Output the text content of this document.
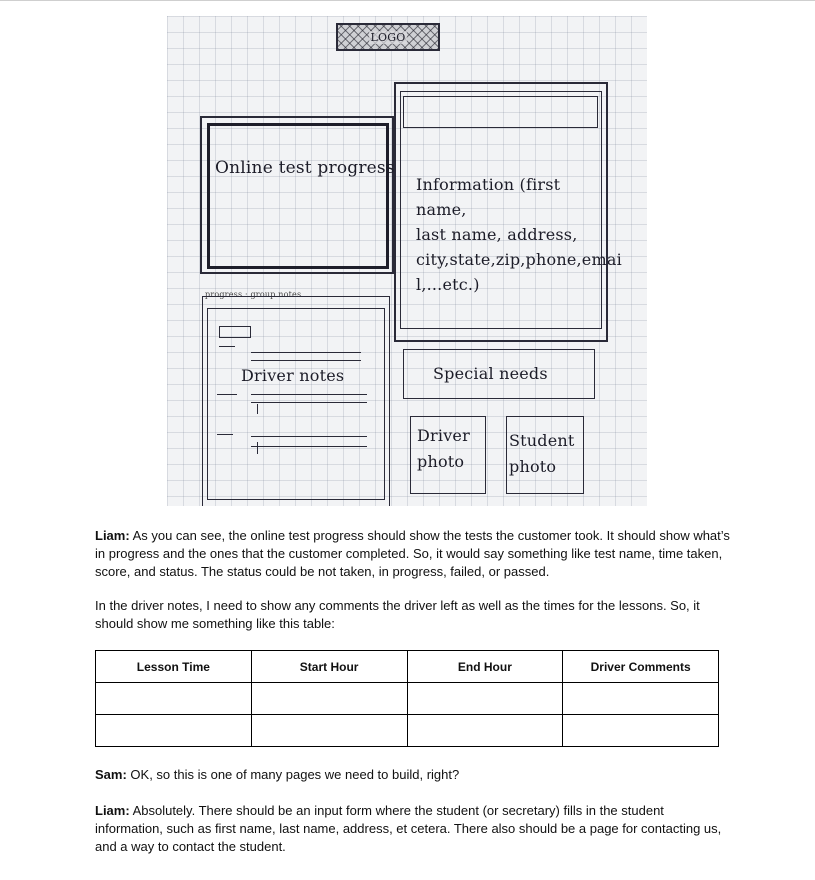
LOGO
Online test progress
Information (first name,
last name, address,
city,state,zip,phone,emai
l,...etc.)
progress · group notes
Driver notes	Special needs
Driver
photo
Student
photo
Liam: As you can see, the online test progress should show the tests the customer took. It should show what’s in progress and the ones that the customer completed. So, it would say something like test name, time taken, score, and status. The status could be not taken, in progress, failed, or passed.
In the driver notes, I need to show any comments the driver left as well as the times for the lessons. So, it should show me something like this table:
Lesson Time	Start Hour	End Hour	Driver Comments

Sam: OK, so this is one of many pages we need to build, right?
Liam: Absolutely. There should be an input form where the student (or secretary) fills in the student information, such as first name, last name, address, et cetera. There also should be a page for contacting us, and a way to contact the student.
